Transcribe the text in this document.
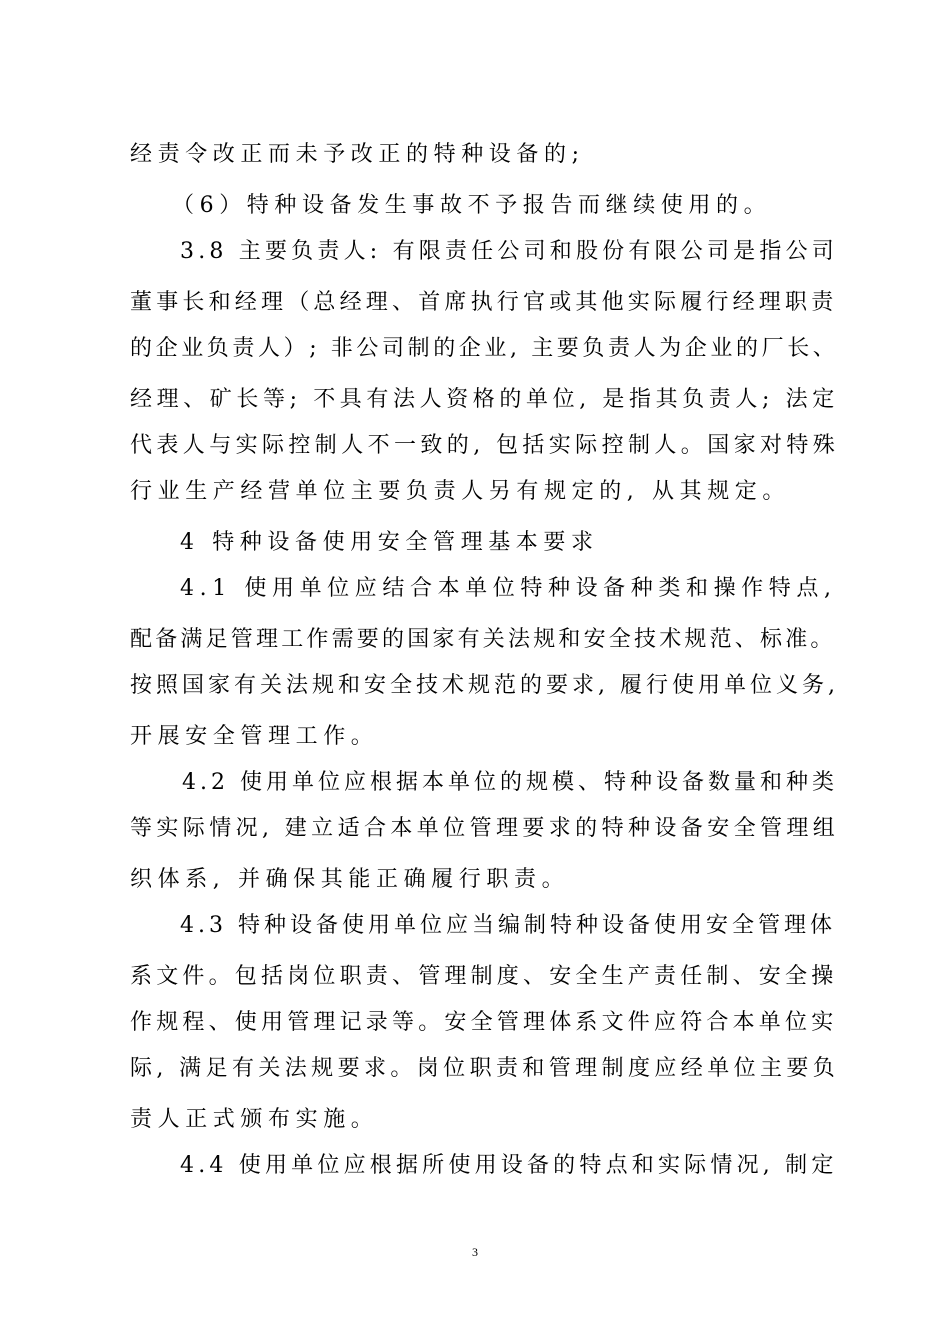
经责令改正而未予改正的特种设备的;
（6）特种设备发生事故不予报告而继续使用的。
3.8 主要负责人: 有限责任公司和股份有限公司是指公司
董事长和经理（总经理、首席执行官或其他实际履行经理职责
的企业负责人）; 非公司制的企业, 主要负责人为企业的厂长、
经理、矿长等; 不具有法人资格的单位, 是指其负责人; 法定
代表人与实际控制人不一致的, 包括实际控制人。国家对特殊
行业生产经营单位主要负责人另有规定的, 从其规定。
4 特种设备使用安全管理基本要求
4.1 使用单位应结合本单位特种设备种类和操作特点,
配备满足管理工作需要的国家有关法规和安全技术规范、标准。
按照国家有关法规和安全技术规范的要求, 履行使用单位义务,
开展安全管理工作。
4.2 使用单位应根据本单位的规模、特种设备数量和种类
等实际情况, 建立适合本单位管理要求的特种设备安全管理组
织体系, 并确保其能正确履行职责。
4.3 特种设备使用单位应当编制特种设备使用安全管理体
系文件。包括岗位职责、管理制度、安全生产责任制、安全操
作规程、使用管理记录等。安全管理体系文件应符合本单位实
际, 满足有关法规要求。岗位职责和管理制度应经单位主要负
责人正式颁布实施。
4.4 使用单位应根据所使用设备的特点和实际情况, 制定
3
